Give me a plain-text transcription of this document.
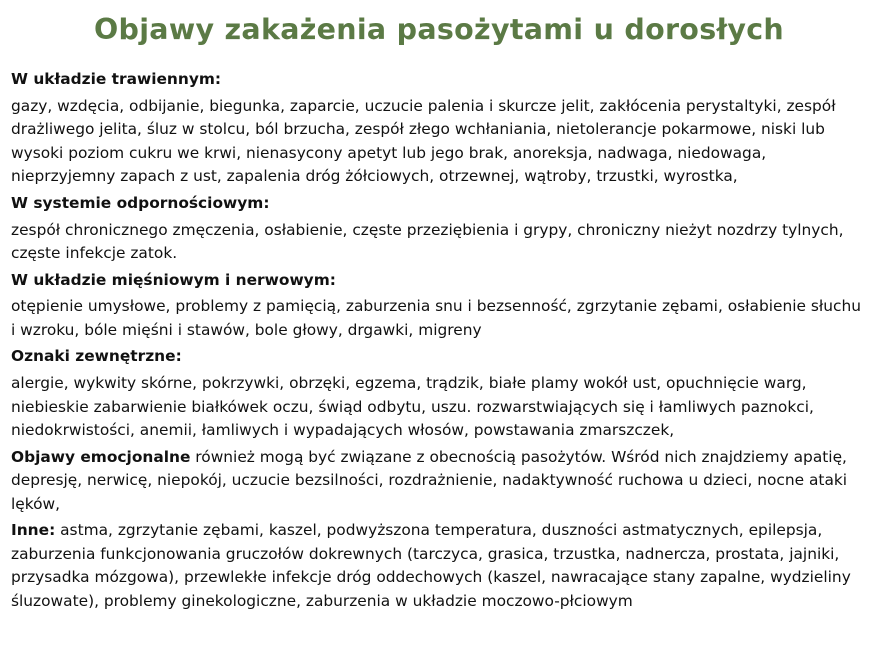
Objawy zakażenia pasożytami u dorosłych
W układzie trawiennym:

gazy, wzdęcia, odbijanie, biegunka, zaparcie, uczucie palenia i skurcze jelit, zakłócenia perystaltyki, zespół drażliwego jelita, śluz w stolcu, ból brzucha, zespół złego wchłaniania, nietolerancje pokarmowe, niski lub wysoki poziom cukru we krwi, nienasycony apetyt lub jego brak, anoreksja, nadwaga, niedowaga, nieprzyjemny zapach z ust, zapalenia dróg żółciowych, otrzewnej, wątroby, trzustki, wyrostka,

W systemie odpornościowym:

zespół chronicznego zmęczenia, osłabienie, częste przeziębienia i grypy, chroniczny nieżyt nozdrzy tylnych, częste infekcje zatok.

W układzie mięśniowym i nerwowym:

otępienie umysłowe, problemy z pamięcią, zaburzenia snu i bezsenność, zgrzytanie zębami, osłabienie słuchu i wzroku, bóle mięśni i stawów, bole głowy, drgawki, migreny

Oznaki zewnętrzne:

alergie, wykwity skórne, pokrzywki, obrzęki, egzema, trądzik, białe plamy wokół ust, opuchnięcie warg, niebieskie zabarwienie białkówek oczu, świąd odbytu, uszu. rozwarstwiających się i łamliwych paznokci, niedokrwistości, anemii, łamliwych i wypadających włosów, powstawania zmarszczek,

Objawy emocjonalne również mogą być związane z obecnością pasożytów. Wśród nich znajdziemy apatię, depresję, nerwicę, niepokój, uczucie bezsilności, rozdrażnienie, nadaktywność ruchowa u dzieci, nocne ataki lęków,

Inne: astma, zgrzytanie zębami, kaszel, podwyższona temperatura, duszności astmatycznych, epilepsja, zaburzenia funkcjonowania gruczołów dokrewnych (tarczyca, grasica, trzustka, nadnercza, prostata, jajniki, przysadka mózgowa), przewlekłe infekcje dróg oddechowych (kaszel, nawracające stany zapalne, wydzieliny śluzowate), problemy ginekologiczne, zaburzenia w układzie moczowo-płciowym
